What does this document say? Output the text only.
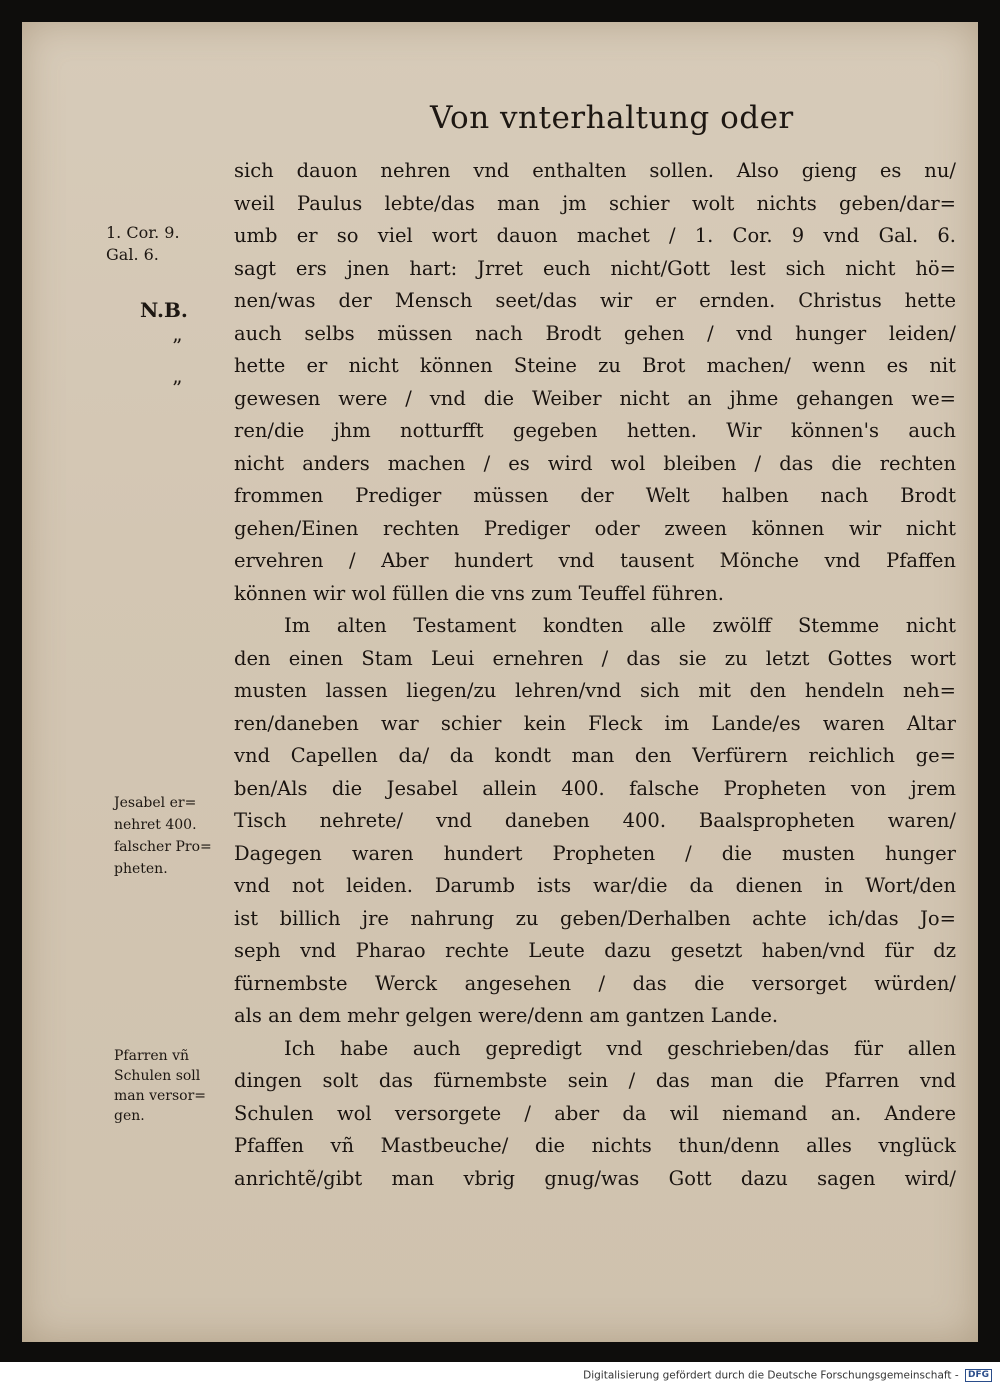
Von vnterhaltung oder
1. Cor. 9.
Gal. 6.
N.B.
”
”
Jesabel er=
nehret 400.
falscher Pro=
pheten.
Pfarren vñ
Schulen soll
man versor=
gen.
sich dauon nehren vnd enthalten sollen. Also gieng es nu/
weil Paulus lebte/das man jm schier wolt nichts geben/dar=
umb er so viel wort dauon machet / 1. Cor. 9 vnd Gal. 6.
sagt ers jnen hart: Jrret euch nicht/Gott lest sich nicht hö=
nen/was der Mensch seet/das wir er ernden. Christus hette
auch selbs müssen nach Brodt gehen / vnd hunger leiden/
hette er nicht können Steine zu Brot machen/ wenn es nit
gewesen were / vnd die Weiber nicht an jhme gehangen we=
ren/die jhm notturfft gegeben hetten. Wir können's auch
nicht anders machen / es wird wol bleiben / das die rechten
frommen Prediger müssen der Welt halben nach Brodt
gehen/Einen rechten Prediger oder zween können wir nicht
ervehren / Aber hundert vnd tausent Mönche vnd Pfaffen
können wir wol füllen die vns zum Teuffel führen.
Im alten Testament kondten alle zwölff Stemme nicht
den einen Stam Leui ernehren / das sie zu letzt Gottes wort
musten lassen liegen/zu lehren/vnd sich mit den hendeln neh=
ren/daneben war schier kein Fleck im Lande/es waren Altar
vnd Capellen da/ da kondt man den Verfürern reichlich ge=
ben/Als die Jesabel allein 400. falsche Propheten von jrem
Tisch nehrete/ vnd daneben 400. Baalspropheten waren/
Dagegen waren hundert Propheten / die musten hunger
vnd not leiden. Darumb ists war/die da dienen in Wort/den
ist billich jre nahrung zu geben/Derhalben achte ich/das Jo=
seph vnd Pharao rechte Leute dazu gesetzt haben/vnd für dz
fürnembste Werck angesehen / das die versorget würden/
als an dem mehr gelgen were/denn am gantzen Lande.
Ich habe auch gepredigt vnd geschrieben/das für allen
dingen solt das fürnembste sein / das man die Pfarren vnd
Schulen wol versorgete / aber da wil niemand an. Andere
Pfaffen vñ Mastbeuche/ die nichts thun/denn alles vnglück
anrichtẽ/gibt man vbrig gnug/was Gott dazu sagen wird/
Digitalisierung gefördert durch die Deutsche Forschungsgemeinschaft - DFG
